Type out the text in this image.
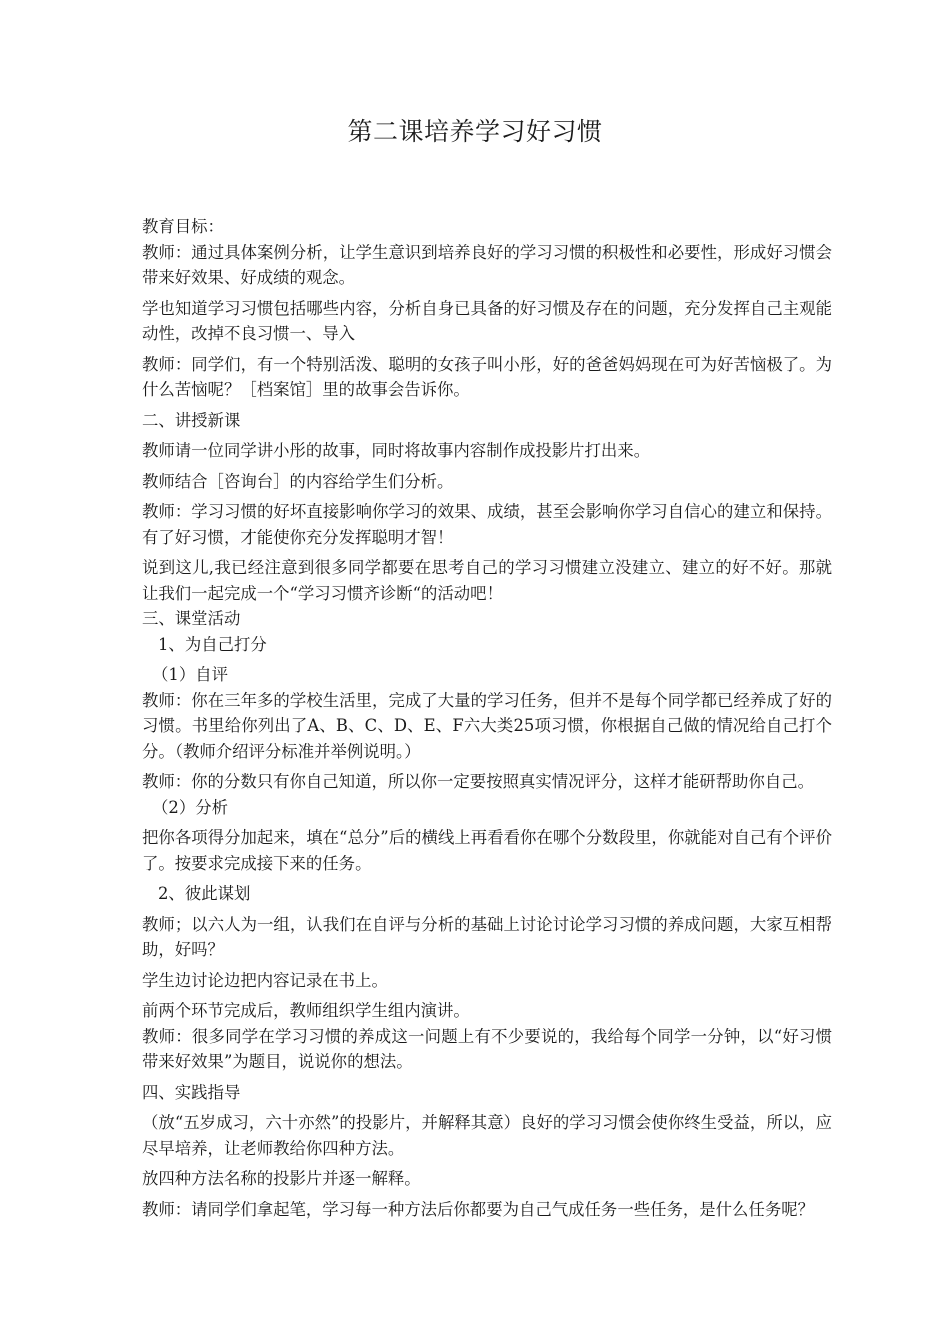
第二课培养学习好习惯

教育目标：

教师：通过具体案例分析，让学生意识到培养良好的学习习惯的积极性和必要性，形成好习惯会带来好效果、好成绩的观念。

学也知道学习习惯包括哪些内容，分析自身已具备的好习惯及存在的问题，充分发挥自己主观能动性，改掉不良习惯一、导入

教师：同学们，有一个特别活泼、聪明的女孩子叫小彤，好的爸爸妈妈现在可为好苦恼极了。为什么苦恼呢？［档案馆］里的故事会告诉你。

二、讲授新课

教师请一位同学讲小彤的故事，同时将故事内容制作成投影片打出来。

教师结合［咨询台］的内容给学生们分析。

教师：学习习惯的好坏直接影响你学习的效果、成绩，甚至会影响你学习自信心的建立和保持。有了好习惯，才能使你充分发挥聪明才智！

说到这儿,我已经注意到很多同学都要在思考自己的学习习惯建立没建立、建立的好不好。那就让我们一起完成一个“学习习惯齐诊断“的活动吧！

三、课堂活动

1、为自己打分

（1）自评

教师：你在三年多的学校生活里，完成了大量的学习任务，但并不是每个同学都已经养成了好的习惯。书里给你列出了A、B、C、D、E、F六大类25项习惯，你根据自己做的情况给自己打个分。（教师介绍评分标准并举例说明。）

教师：你的分数只有你自己知道，所以你一定要按照真实情况评分，这样才能研帮助你自己。

（2）分析

把你各项得分加起来，填在“总分”后的横线上再看看你在哪个分数段里，你就能对自己有个评价了。按要求完成接下来的任务。

2、彼此谋划

教师；以六人为一组，认我们在自评与分析的基础上讨论讨论学习习惯的养成问题，大家互相帮助，好吗？

学生边讨论边把内容记录在书上。

前两个环节完成后，教师组织学生组内演讲。

教师：很多同学在学习习惯的养成这一问题上有不少要说的，我给每个同学一分钟，以“好习惯带来好效果”为题目，说说你的想法。

四、实践指导

（放“五岁成习，六十亦然”的投影片，并解释其意）良好的学习习惯会使你终生受益，所以，应尽早培养，让老师教给你四种方法。

放四种方法名称的投影片并逐一解释。

教师：请同学们拿起笔，学习每一种方法后你都要为自己气成任务一些任务，是什么任务呢？
